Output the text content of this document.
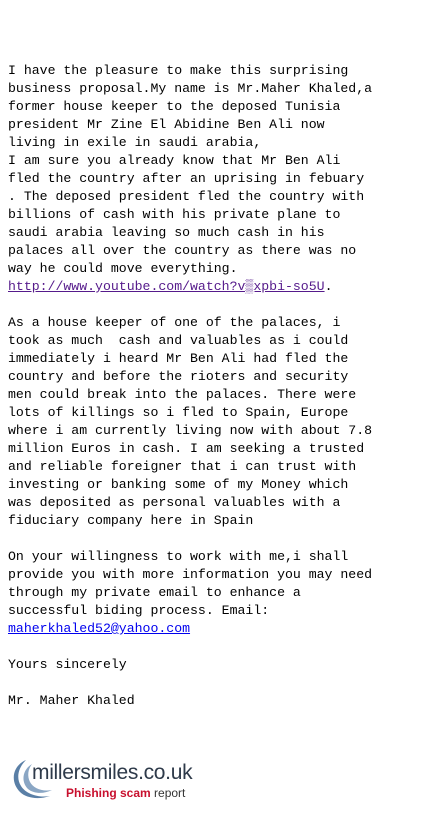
I have the pleasure to make this surprising
business proposal.My name is Mr.Maher Khaled,a
former house keeper to the deposed Tunisia
president Mr Zine El Abidine Ben Ali now
living in exile in saudi arabia,
I am sure you already know that Mr Ben Ali
fled the country after an uprising in febuary
. The deposed president fled the country with
billions of cash with his private plane to
saudi arabia leaving so much cash in his
palaces all over the country as there was no
way he could move everything.
http://www.youtube.com/watch?v▒xpbi-so5U.

As a house keeper of one of the palaces, i
took as much  cash and valuables as i could
immediately i heard Mr Ben Ali had fled the
country and before the rioters and security
men could break into the palaces. There were
lots of killings so i fled to Spain, Europe
where i am currently living now with about 7.8
million Euros in cash. I am seeking a trusted
and reliable foreigner that i can trust with
investing or banking some of my Money which
was deposited as personal valuables with a
fiduciary company here in Spain

On your willingness to work with me,i shall
provide you with more information you may need
through my private email to enhance a
successful biding process. Email:
maherkhaled52@yahoo.com

Yours sincerely

Mr. Maher Khaled

millersmiles.co.uk
Phishing scam report
